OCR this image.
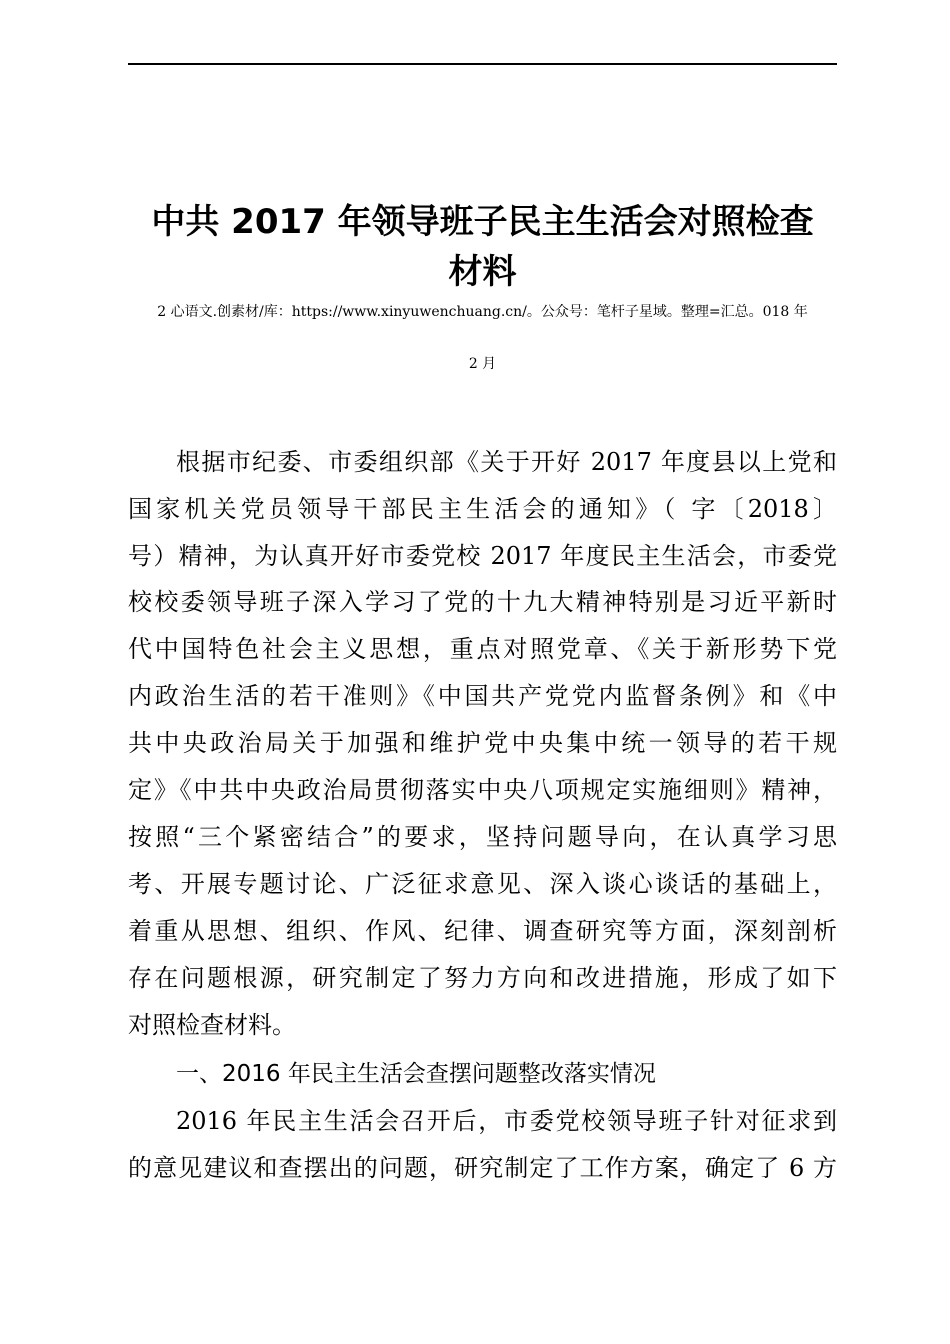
中共 2017 年领导班子民主生活会对照检查
材料
2 心语文.创素材/库：https://www.xinyuwenchuang.cn/。公众号：笔杆子星域。整理=汇总。018 年
2 月
根据市纪委、市委组织部《关于开好 2017 年度县以上党和
国家机关党员领导干部民主生活会的通知》（ 字〔2018〕
号）精神，为认真开好市委党校 2017 年度民主生活会，市委党
校校委领导班子深入学习了党的十九大精神特别是习近平新时
代中国特色社会主义思想，重点对照党章、《关于新形势下党
内政治生活的若干准则》《中国共产党党内监督条例》和《中
共中央政治局关于加强和维护党中央集中统一领导的若干规
定》《中共中央政治局贯彻落实中央八项规定实施细则》精神，
按照“三个紧密结合”的要求，坚持问题导向，在认真学习思
考、开展专题讨论、广泛征求意见、深入谈心谈话的基础上，
着重从思想、组织、作风、纪律、调查研究等方面，深刻剖析
存在问题根源，研究制定了努力方向和改进措施，形成了如下
对照检查材料。
一、2016 年民主生活会查摆问题整改落实情况
2016 年民主生活会召开后，市委党校领导班子针对征求到
的意见建议和查摆出的问题，研究制定了工作方案，确定了 6 方
